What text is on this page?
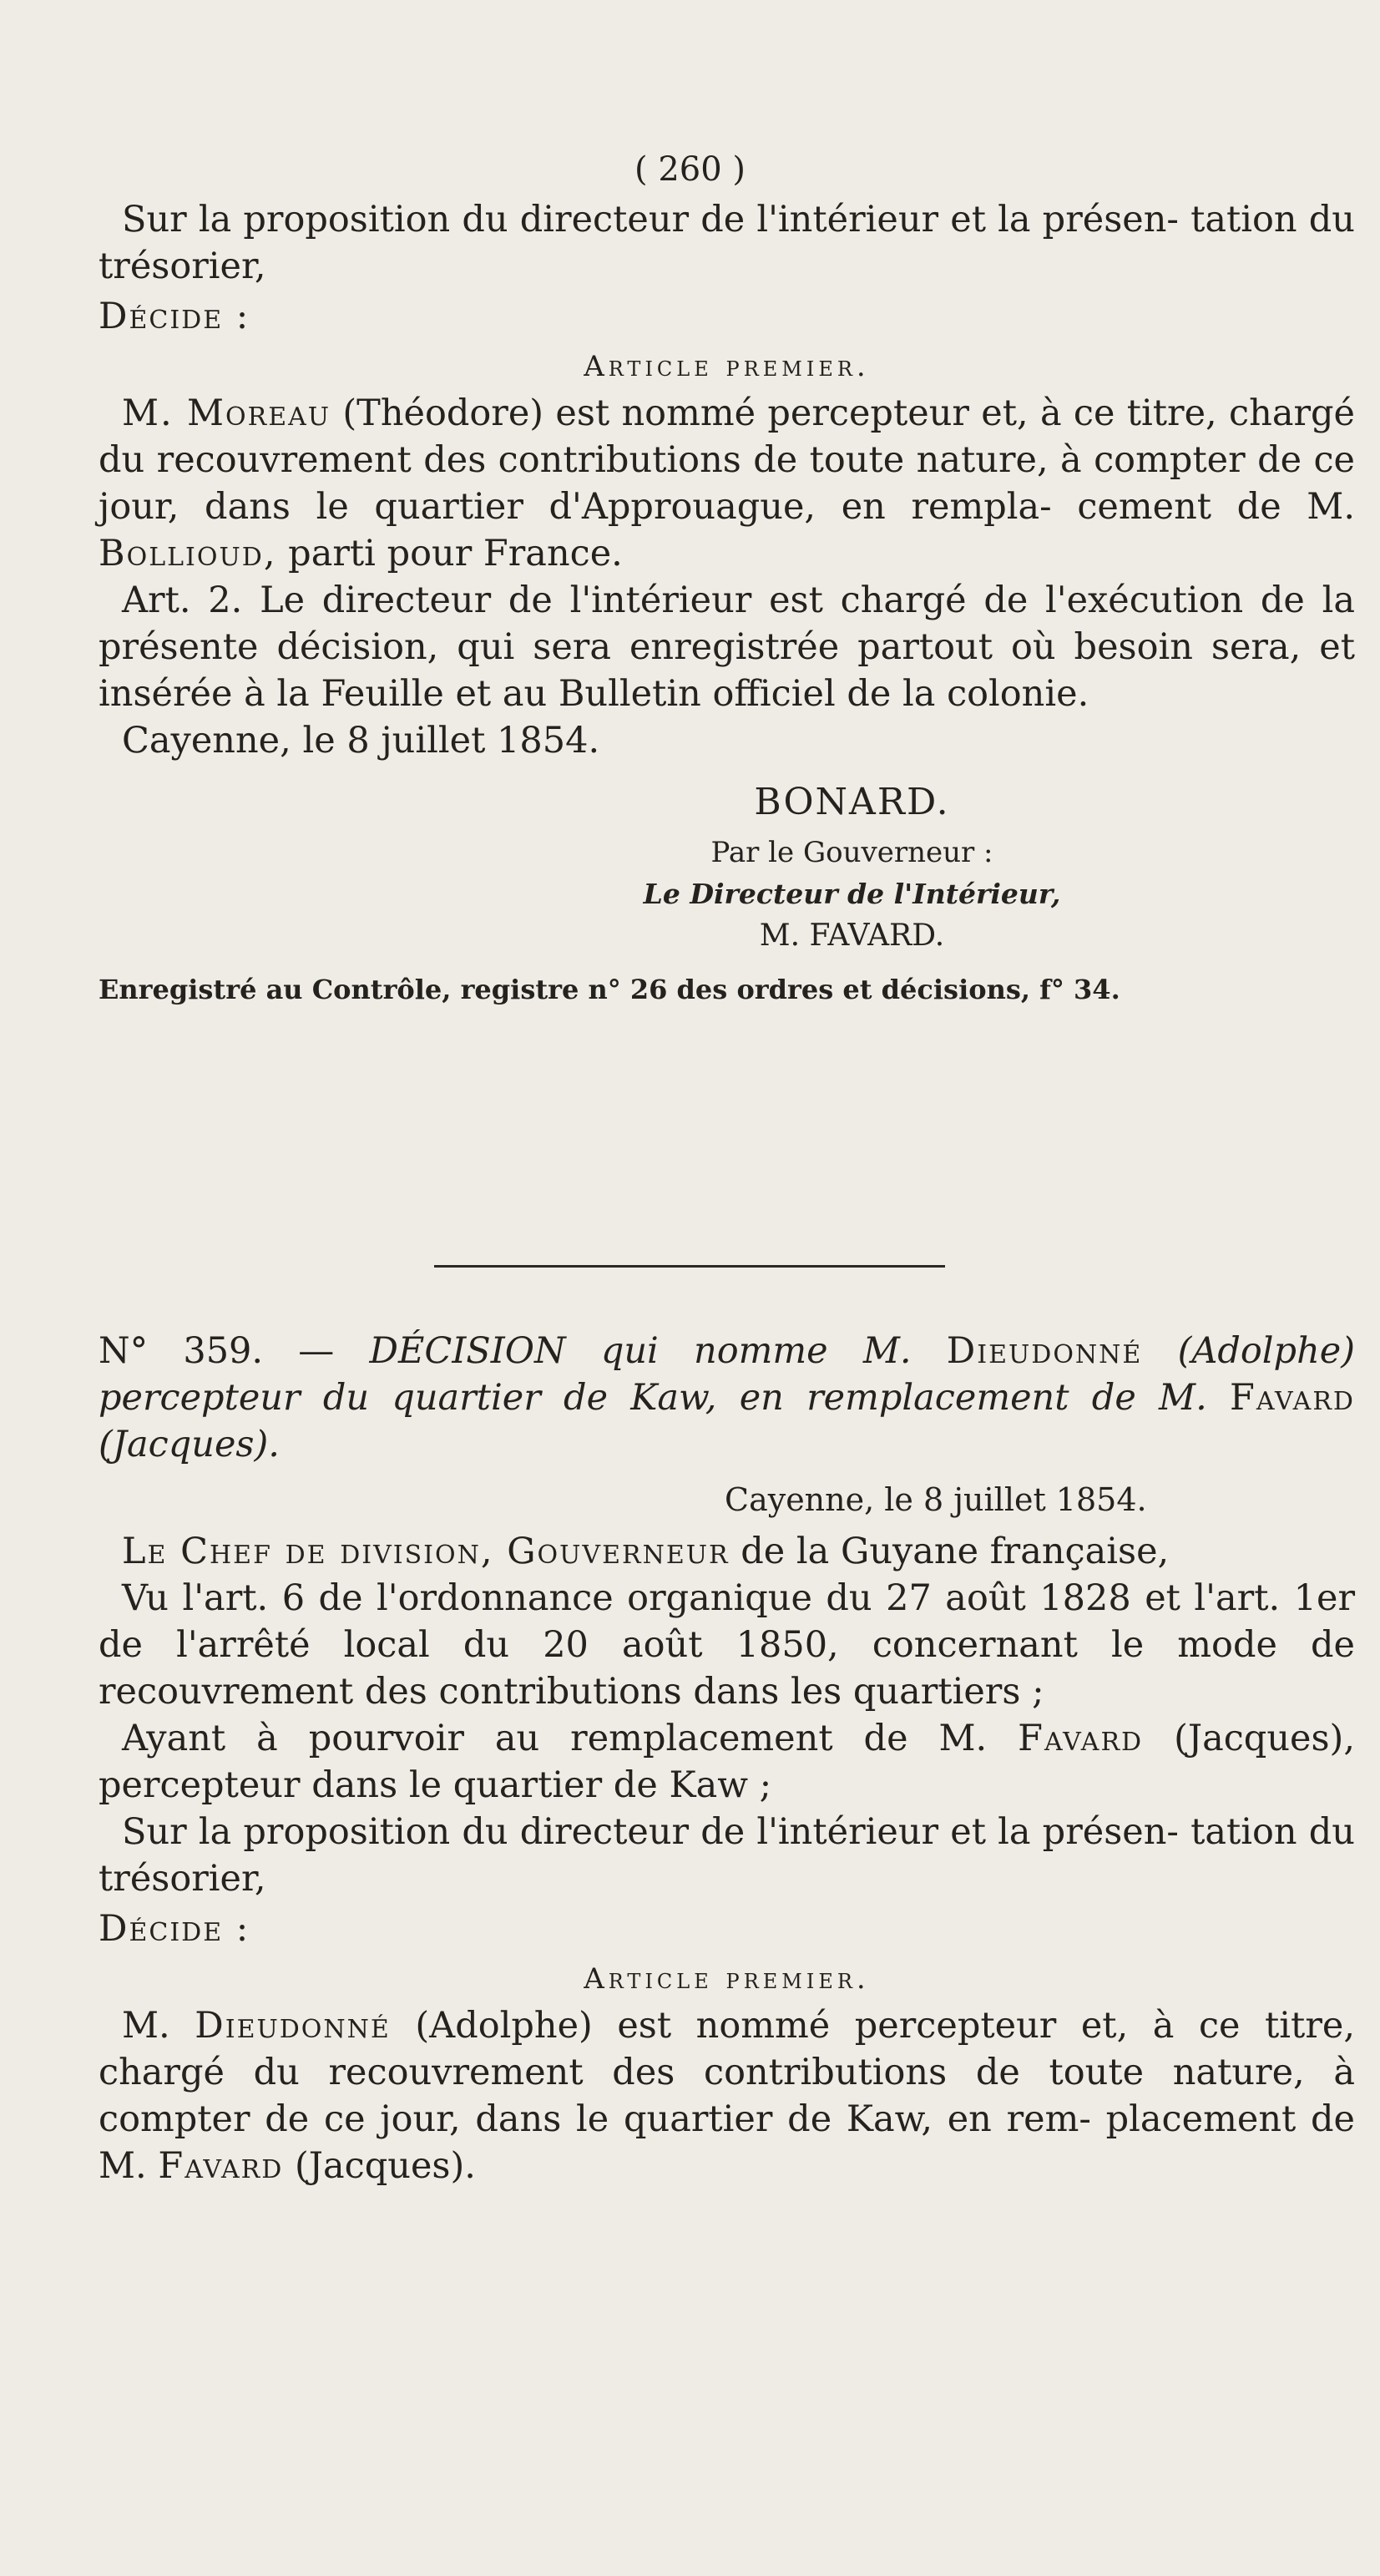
( 260 )

Sur la proposition du directeur de l'intérieur et la présen- tation du trésorier,

Décide :

Article premier.

M. Moreau (Théodore) est nommé percepteur et, à ce titre, chargé du recouvrement des contributions de toute nature, à compter de ce jour, dans le quartier d'Approuague, en rempla- cement de M. Bollioud, parti pour France.

Art. 2. Le directeur de l'intérieur est chargé de l'exécution de la présente décision, qui sera enregistrée partout où besoin sera, et insérée à la Feuille et au Bulletin officiel de la colonie.

Cayenne, le 8 juillet 1854.

BONARD.

Par le Gouverneur :

Le Directeur de l'Intérieur,

M. FAVARD.

Enregistré au Contrôle, registre n° 26 des ordres et décisions, f° 34.

N° 359. — DÉCISION qui nomme M. Dieudonné (Adolphe) percepteur du quartier de Kaw, en remplacement de M. Favard (Jacques).

Cayenne, le 8 juillet 1854.

Le Chef de division, Gouverneur de la Guyane française,

Vu l'art. 6 de l'ordonnance organique du 27 août 1828 et l'art. 1er de l'arrêté local du 20 août 1850, concernant le mode de recouvrement des contributions dans les quartiers ;

Ayant à pourvoir au remplacement de M. Favard (Jacques), percepteur dans le quartier de Kaw ;

Sur la proposition du directeur de l'intérieur et la présen- tation du trésorier,

Décide :

Article premier.

M. Dieudonné (Adolphe) est nommé percepteur et, à ce titre, chargé du recouvrement des contributions de toute nature, à compter de ce jour, dans le quartier de Kaw, en rem- placement de M. Favard (Jacques).
